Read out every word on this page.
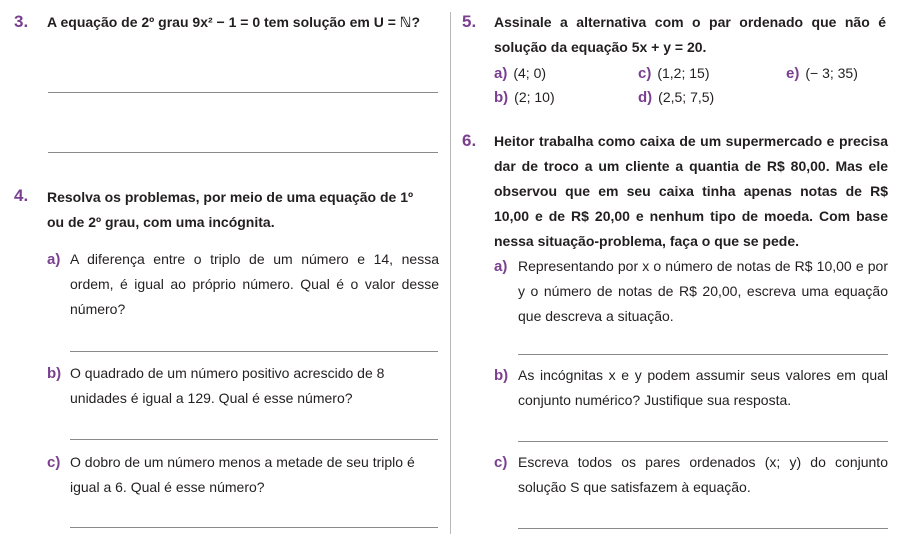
3. A equação de 2º grau 9x² − 1 = 0 tem solução em U = ℕ?
4. Resolva os problemas, por meio de uma equação de 1º ou de 2º grau, com uma incógnita.
a) A diferença entre o triplo de um número e 14, nessa ordem, é igual ao próprio número. Qual é o valor desse número?
b) O quadrado de um número positivo acrescido de 8 unidades é igual a 129. Qual é esse número?
c) O dobro de um número menos a metade de seu triplo é igual a 6. Qual é esse número?
5. Assinale a alternativa com o par ordenado que não é solução da equação 5x + y = 20.
a) (4; 0)
b) (2; 10)
c) (1,2; 15)
d) (2,5; 7,5)
e) (− 3; 35)
6. Heitor trabalha como caixa de um supermercado e precisa dar de troco a um cliente a quantia de R$ 80,00. Mas ele observou que em seu caixa tinha apenas notas de R$ 10,00 e de R$ 20,00 e nenhum tipo de moeda. Com base nessa situação-problema, faça o que se pede.
a) Representando por x o número de notas de R$ 10,00 e por y o número de notas de R$ 20,00, escreva uma equação que descreva a situação.
b) As incógnitas x e y podem assumir seus valores em qual conjunto numérico? Justifique sua resposta.
c) Escreva todos os pares ordenados (x; y) do conjunto solução S que satisfazem à equação.
